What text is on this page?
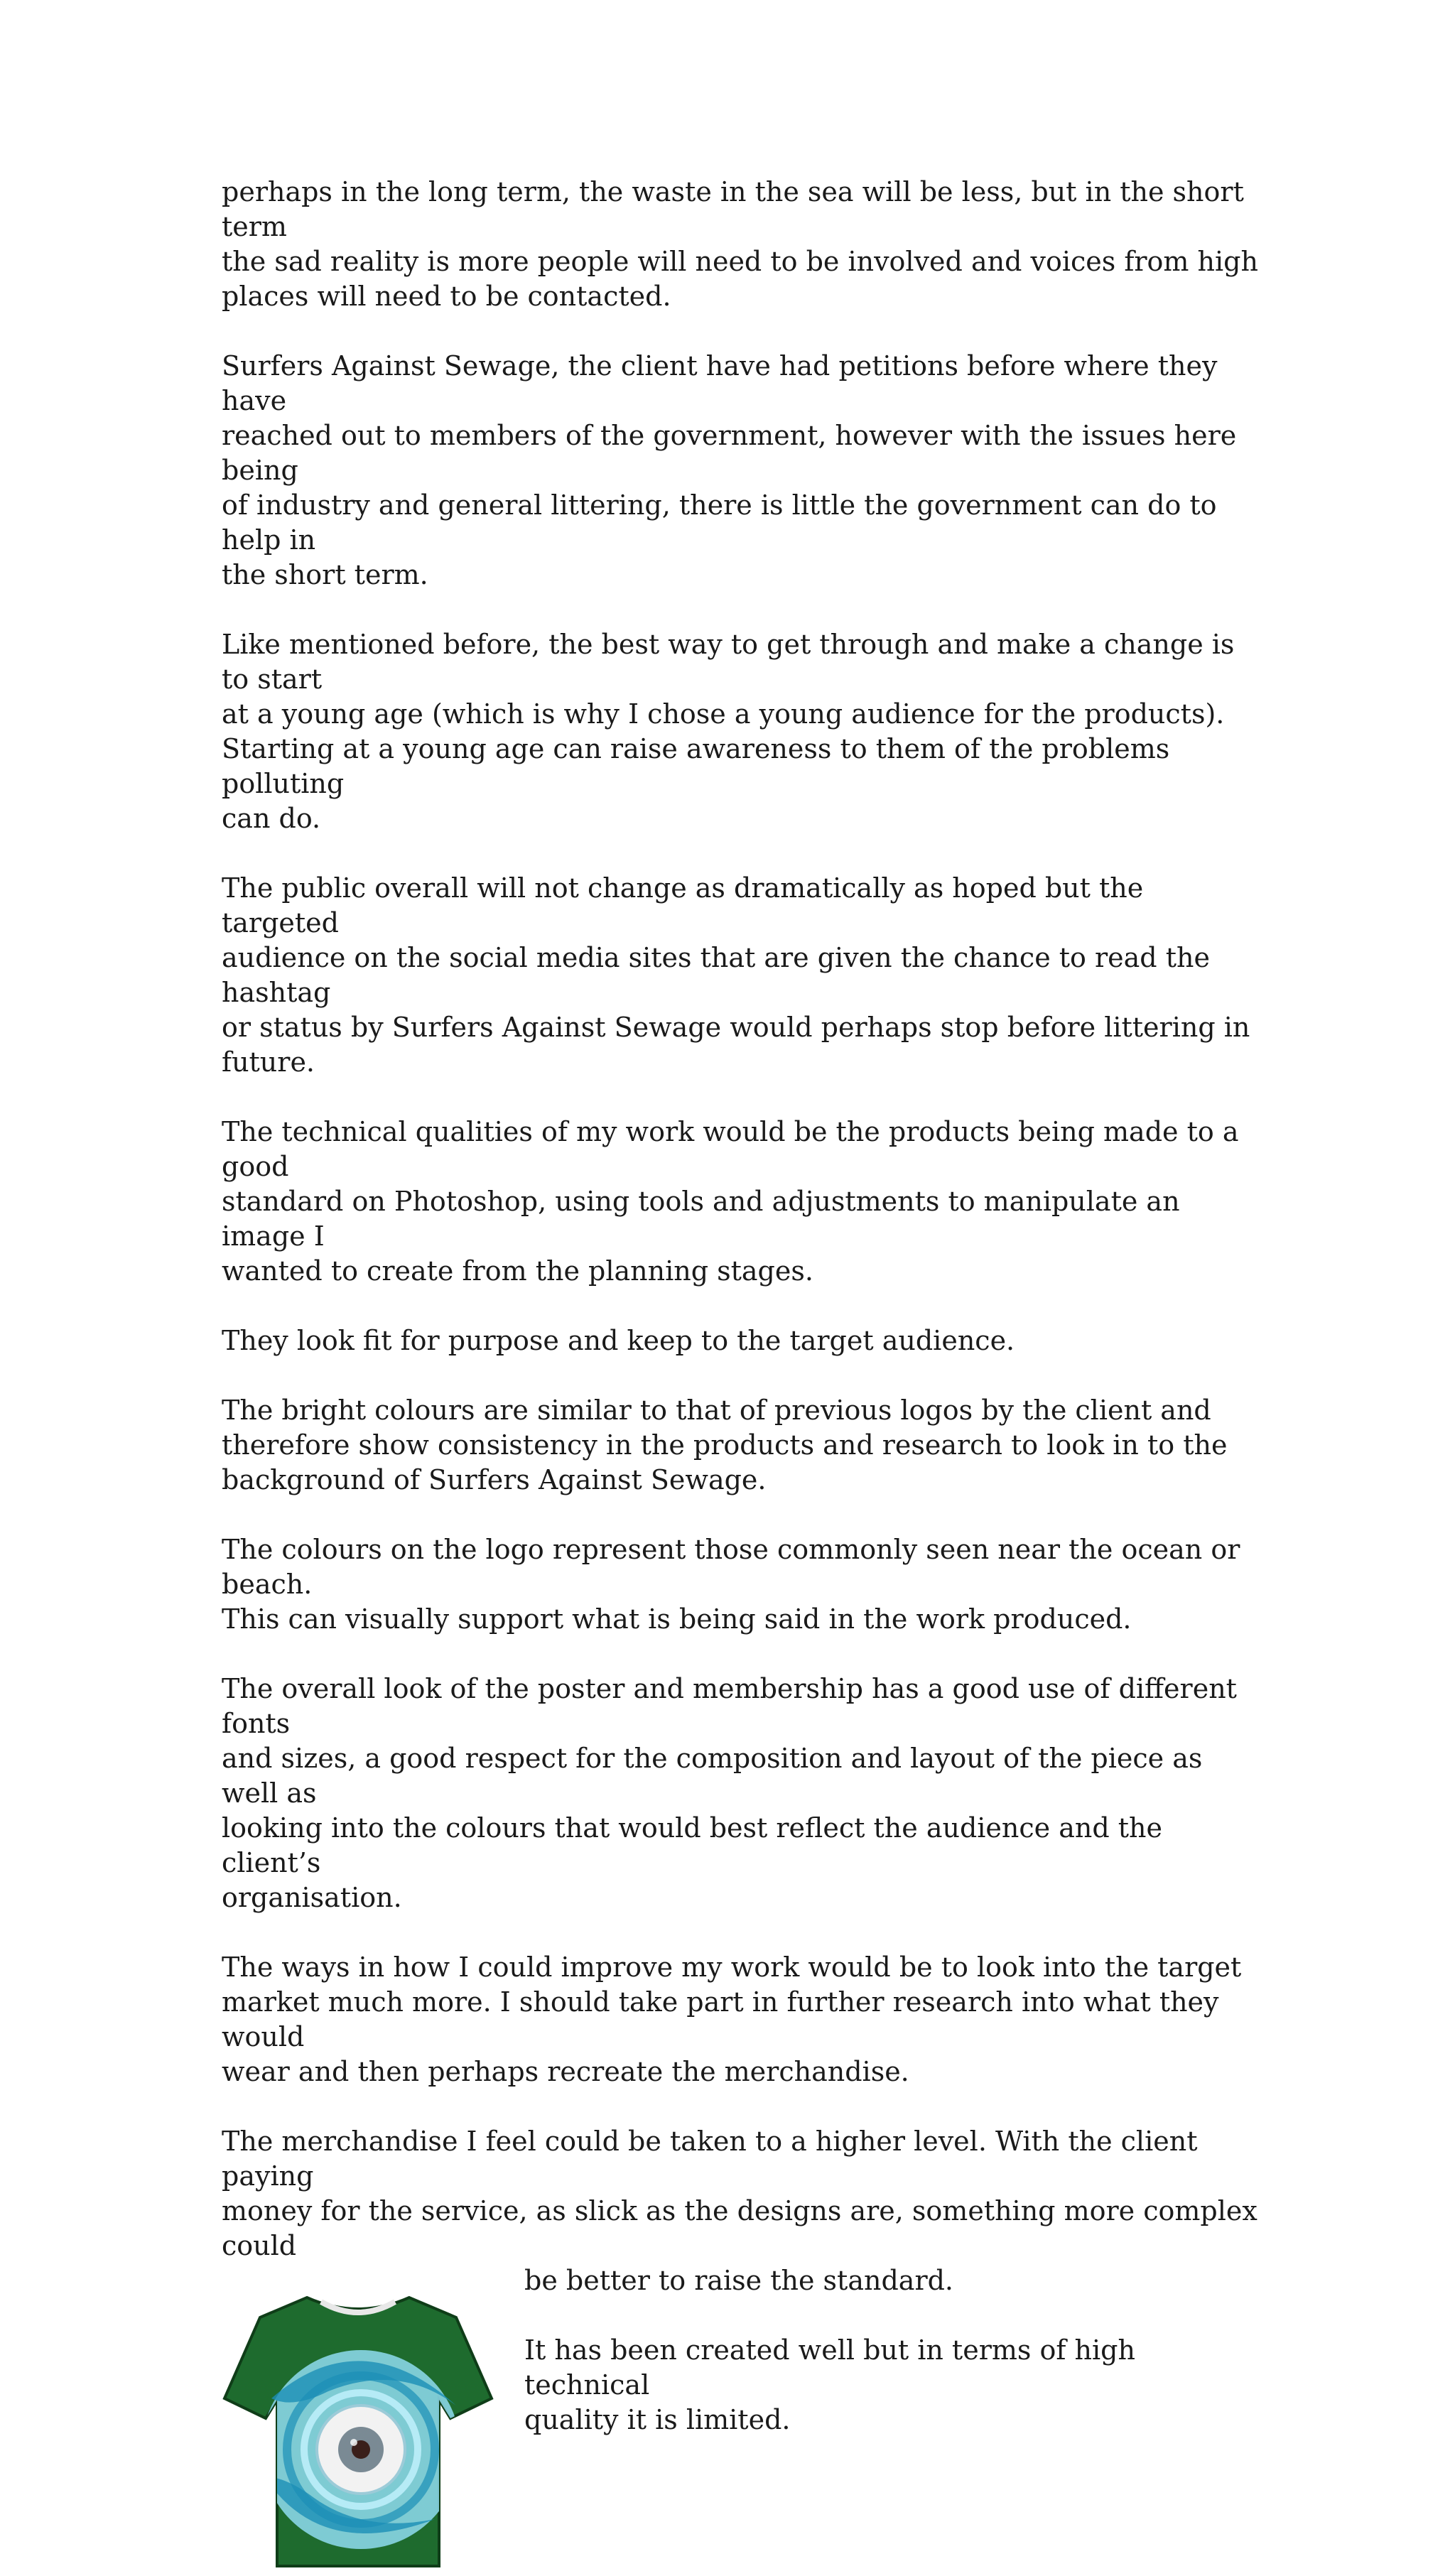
perhaps in the long term, the waste in the sea will be less, but in the short term
the sad reality is more people will need to be involved and voices from high
places will need to be contacted.

Surfers Against Sewage, the client have had petitions before where they have
reached out to members of the government, however with the issues here being
of industry and general littering, there is little the government can do to help in
the short term.

Like mentioned before, the best way to get through and make a change is to start
at a young age (which is why I chose a young audience for the products).
Starting at a young age can raise awareness to them of the problems polluting
can do.

The public overall will not change as dramatically as hoped but the targeted
audience on the social media sites that are given the chance to read the hashtag
or status by Surfers Against Sewage would perhaps stop before littering in
future.

The technical qualities of my work would be the products being made to a good
standard on Photoshop, using tools and adjustments to manipulate an image I
wanted to create from the planning stages.

They look fit for purpose and keep to the target audience.

The bright colours are similar to that of previous logos by the client and
therefore show consistency in the products and research to look in to the
background of Surfers Against Sewage.

The colours on the logo represent those commonly seen near the ocean or beach.
This can visually support what is being said in the work produced.

The overall look of the poster and membership has a good use of different fonts
and sizes, a good respect for the composition and layout of the piece as well as
looking into the colours that would best reflect the audience and the client’s
organisation.

The ways in how I could improve my work would be to look into the target
market much more. I should take part in further research into what they would
wear and then perhaps recreate the merchandise.

The merchandise I feel could be taken to a higher level. With the client paying
money for the service, as slick as the designs are, something more complex could

be better to raise the standard.

It has been created well but in terms of high technical
quality it is limited.
